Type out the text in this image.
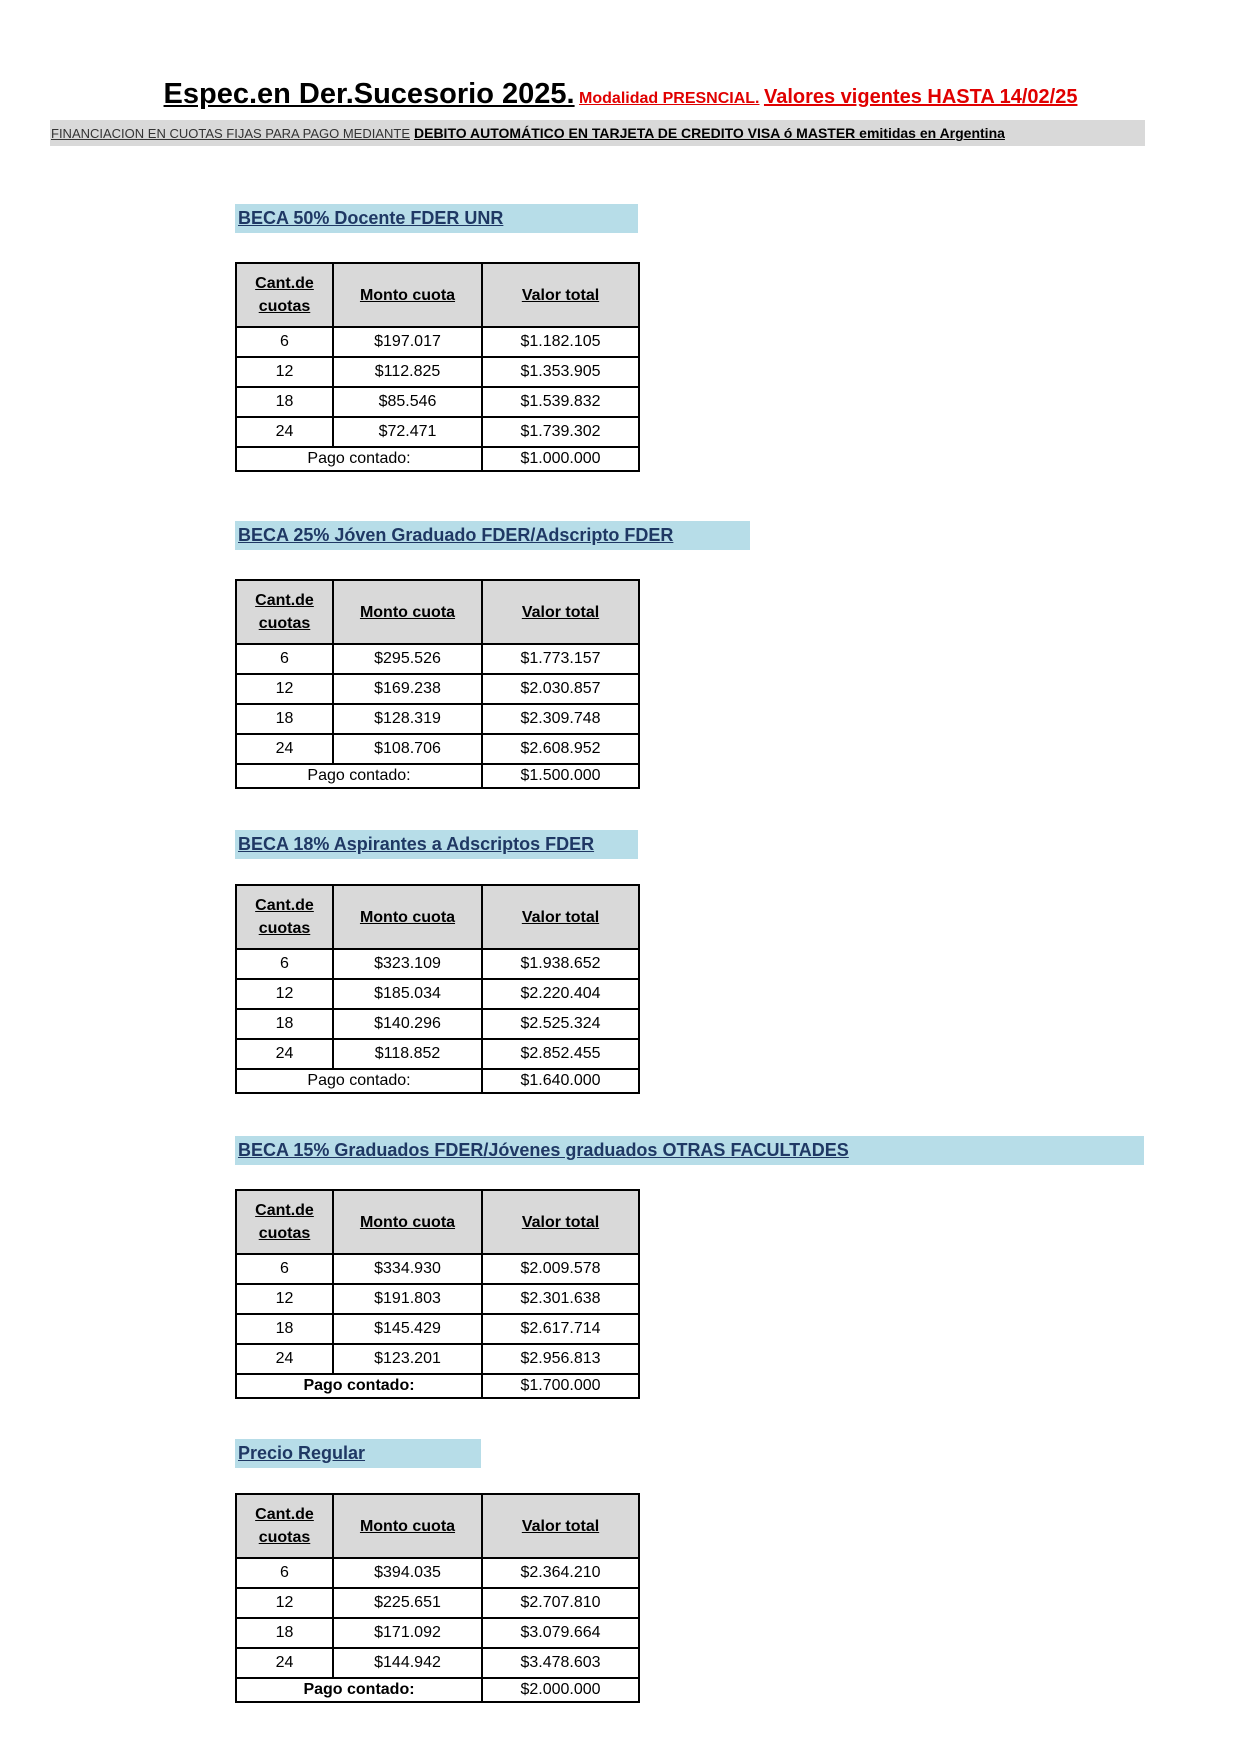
Espec.en Der.Sucesorio 2025. Modalidad PRESNCIAL. Valores vigentes HASTA 14/02/25
FINANCIACION EN CUOTAS FIJAS PARA PAGO MEDIANTE DEBITO AUTOMÁTICO EN TARJETA DE CREDITO VISA ó MASTER emitidas en Argentina
BECA 50% Docente FDER UNR
Cant.de
cuotas	Monto cuota	Valor total
6	$197.017	$1.182.105
12	$112.825	$1.353.905
18	$85.546	$1.539.832
24	$72.471	$1.739.302
Pago contado:		$1.000.000
BECA 25% Jóven Graduado FDER/Adscripto FDER
Cant.de
cuotas	Monto cuota	Valor total
6	$295.526	$1.773.157
12	$169.238	$2.030.857
18	$128.319	$2.309.748
24	$108.706	$2.608.952
Pago contado:		$1.500.000
BECA 18% Aspirantes a Adscriptos FDER
Cant.de
cuotas	Monto cuota	Valor total
6	$323.109	$1.938.652
12	$185.034	$2.220.404
18	$140.296	$2.525.324
24	$118.852	$2.852.455
Pago contado:		$1.640.000
BECA 15% Graduados FDER/Jóvenes graduados OTRAS FACULTADES
Cant.de
cuotas	Monto cuota	Valor total
6	$334.930	$2.009.578
12	$191.803	$2.301.638
18	$145.429	$2.617.714
24	$123.201	$2.956.813
Pago contado:		$1.700.000
Precio Regular
Cant.de
cuotas	Monto cuota	Valor total
6	$394.035	$2.364.210
12	$225.651	$2.707.810
18	$171.092	$3.079.664
24	$144.942	$3.478.603
Pago contado:		$2.000.000
